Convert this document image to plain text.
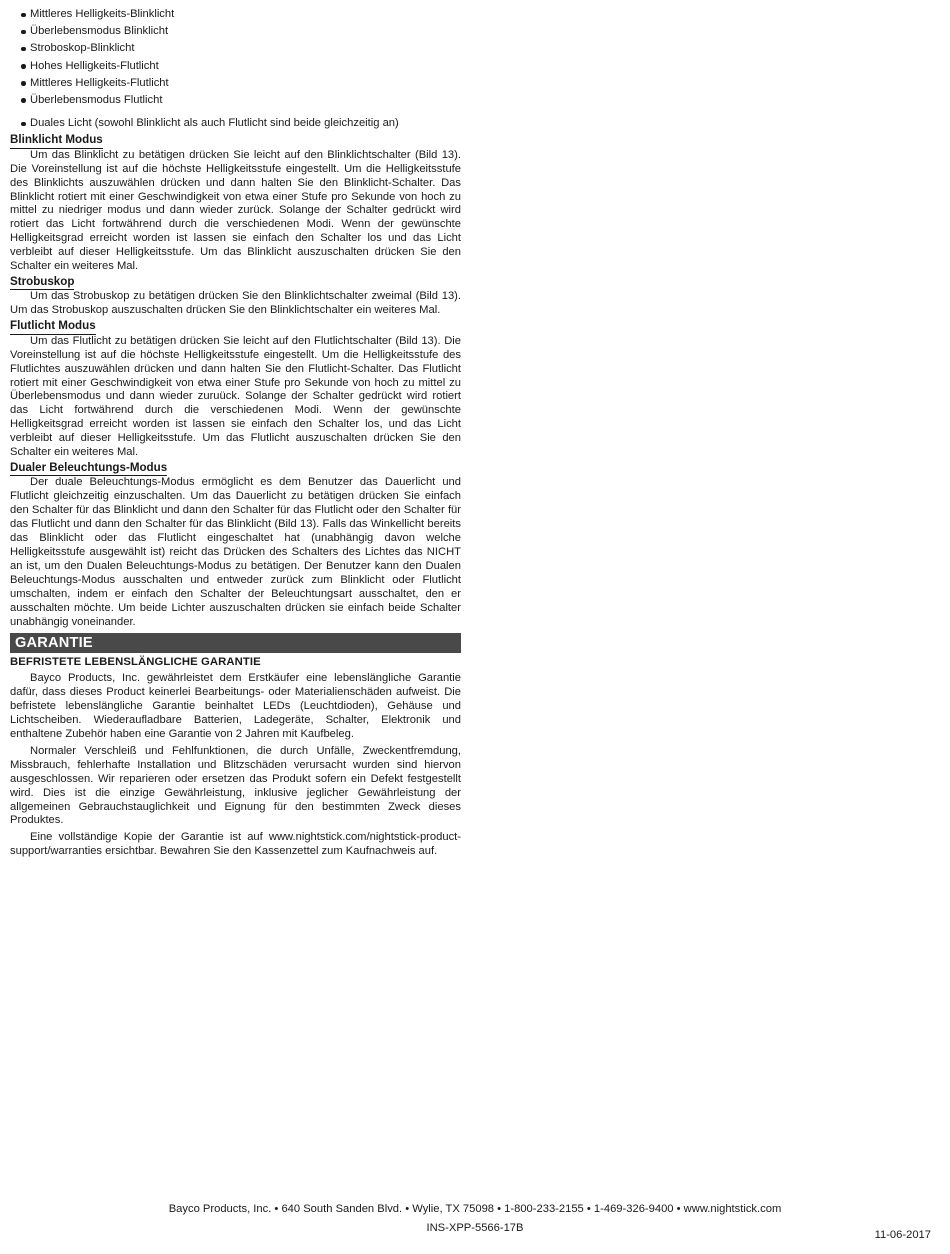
Mittleres Helligkeits-Blinklicht
Überlebensmodus Blinklicht
Stroboskop-Blinklicht
Hohes Helligkeits-Flutlicht
Mittleres Helligkeits-Flutlicht
Überlebensmodus Flutlicht
Duales Licht (sowohl Blinklicht als auch Flutlicht sind beide gleichzeitig an)
Blinklicht Modus

Um das Blinklicht zu betätigen drücken Sie leicht auf den Blinklichtschalter (Bild 13). Die Voreinstellung ist auf die höchste Helligkeitsstufe eingestellt. Um die Helligkeitsstufe des Blinklichts auszuwählen drücken und dann halten Sie den Blinklicht-Schalter. Das Blinklicht rotiert mit einer Geschwindigkeit von etwa einer Stufe pro Sekunde von hoch zu mittel zu niedriger modus und dann wieder zurück. Solange der Schalter gedrückt wird rotiert das Licht fortwährend durch die verschiedenen Modi. Wenn der gewünschte Helligkeitsgrad erreicht worden ist lassen sie einfach den Schalter los und das Licht verbleibt auf dieser Helligkeitsstufe. Um das Blinklicht auszuschalten drücken Sie den Schalter ein weiteres Mal.

Strobuskop

Um das Strobuskop zu betätigen drücken Sie den Blinklichtschalter zweimal (Bild 13). Um das Strobuskop auszuschalten drücken Sie den Blinklichtschalter ein weiteres Mal.

Flutlicht Modus

Um das Flutlicht zu betätigen drücken Sie leicht auf den Flutlichtschalter (Bild 13). Die Voreinstellung ist auf die höchste Helligkeitsstufe eingestellt. Um die Helligkeitsstufe des Flutlichtes auszuwählen drücken und dann halten Sie den Flutlicht-Schalter. Das Flutlicht rotiert mit einer Geschwindigkeit von etwa einer Stufe pro Sekunde von hoch zu mittel zu Überlebensmodus und dann wieder zuruück. Solange der Schalter gedrückt wird rotiert das Licht fortwährend durch die verschiedenen Modi. Wenn der gewünschte Helligkeitsgrad erreicht worden ist lassen sie einfach den Schalter los, und das Licht verbleibt auf dieser Helligkeitsstufe. Um das Flutlicht auszuschalten drücken Sie den Schalter ein weiteres Mal.

Dualer Beleuchtungs-Modus

Der duale Beleuchtungs-Modus ermöglicht es dem Benutzer das Dauerlicht und Flutlicht gleichzeitig einzuschalten. Um das Dauerlicht zu betätigen drücken Sie einfach den Schalter für das Blinklicht und dann den Schalter für das Flutlicht oder den Schalter für das Flutlicht und dann den Schalter für das Blinklicht (Bild 13). Falls das Winkellicht bereits das Blinklicht oder das Flutlicht eingeschaltet hat (unabhängig davon welche Helligkeitsstufe ausgewählt ist) reicht das Drücken des Schalters des Lichtes das NICHT an ist, um den Dualen Beleuchtungs-Modus zu betätigen. Der Benutzer kann den Dualen Beleuchtungs-Modus ausschalten und entweder zurück zum Blinklicht oder Flutlicht umschalten, indem er einfach den Schalter der Beleuchtungsart ausschaltet, den er ausschalten möchte. Um beide Lichter auszuschalten drücken sie einfach beide Schalter unabhängig voneinander.

GARANTIE
BEFRISTETE LEBENSLÄNGLICHE GARANTIE

Bayco Products, Inc. gewährleistet dem Erstkäufer eine lebenslängliche Garantie dafür, dass dieses Product keinerlei Bearbeitungs- oder Materialienschäden aufweist. Die befristete lebenslängliche Garantie beinhaltet LEDs (Leuchtdioden), Gehäuse und Lichtscheiben. Wiederaufladbare Batterien, Ladegeräte, Schalter, Elektronik und enthaltene Zubehör haben eine Garantie von 2 Jahren mit Kaufbeleg.

Normaler Verschleiß und Fehlfunktionen, die durch Unfälle, Zweckentfremdung, Missbrauch, fehlerhafte Installation und Blitzschäden verursacht wurden sind hiervon ausgeschlossen. Wir reparieren oder ersetzen das Produkt sofern ein Defekt festgestellt wird. Dies ist die einzige Gewährleistung, inklusive jeglicher Gewährleistung der allgemeinen Gebrauchstauglichkeit und Eignung für den bestimmten Zweck dieses Produktes.

Eine vollständige Kopie der Garantie ist auf www.nightstick.com/nightstick-product-support/warranties ersichtbar. Bewahren Sie den Kassenzettel zum Kaufnachweis auf.

Bayco Products, Inc. • 640 South Sanden Blvd. • Wylie, TX 75098 • 1-800-233-2155 • 1-469-326-9400 • www.nightstick.com
INS-XPP-5566-17B
11-06-2017
